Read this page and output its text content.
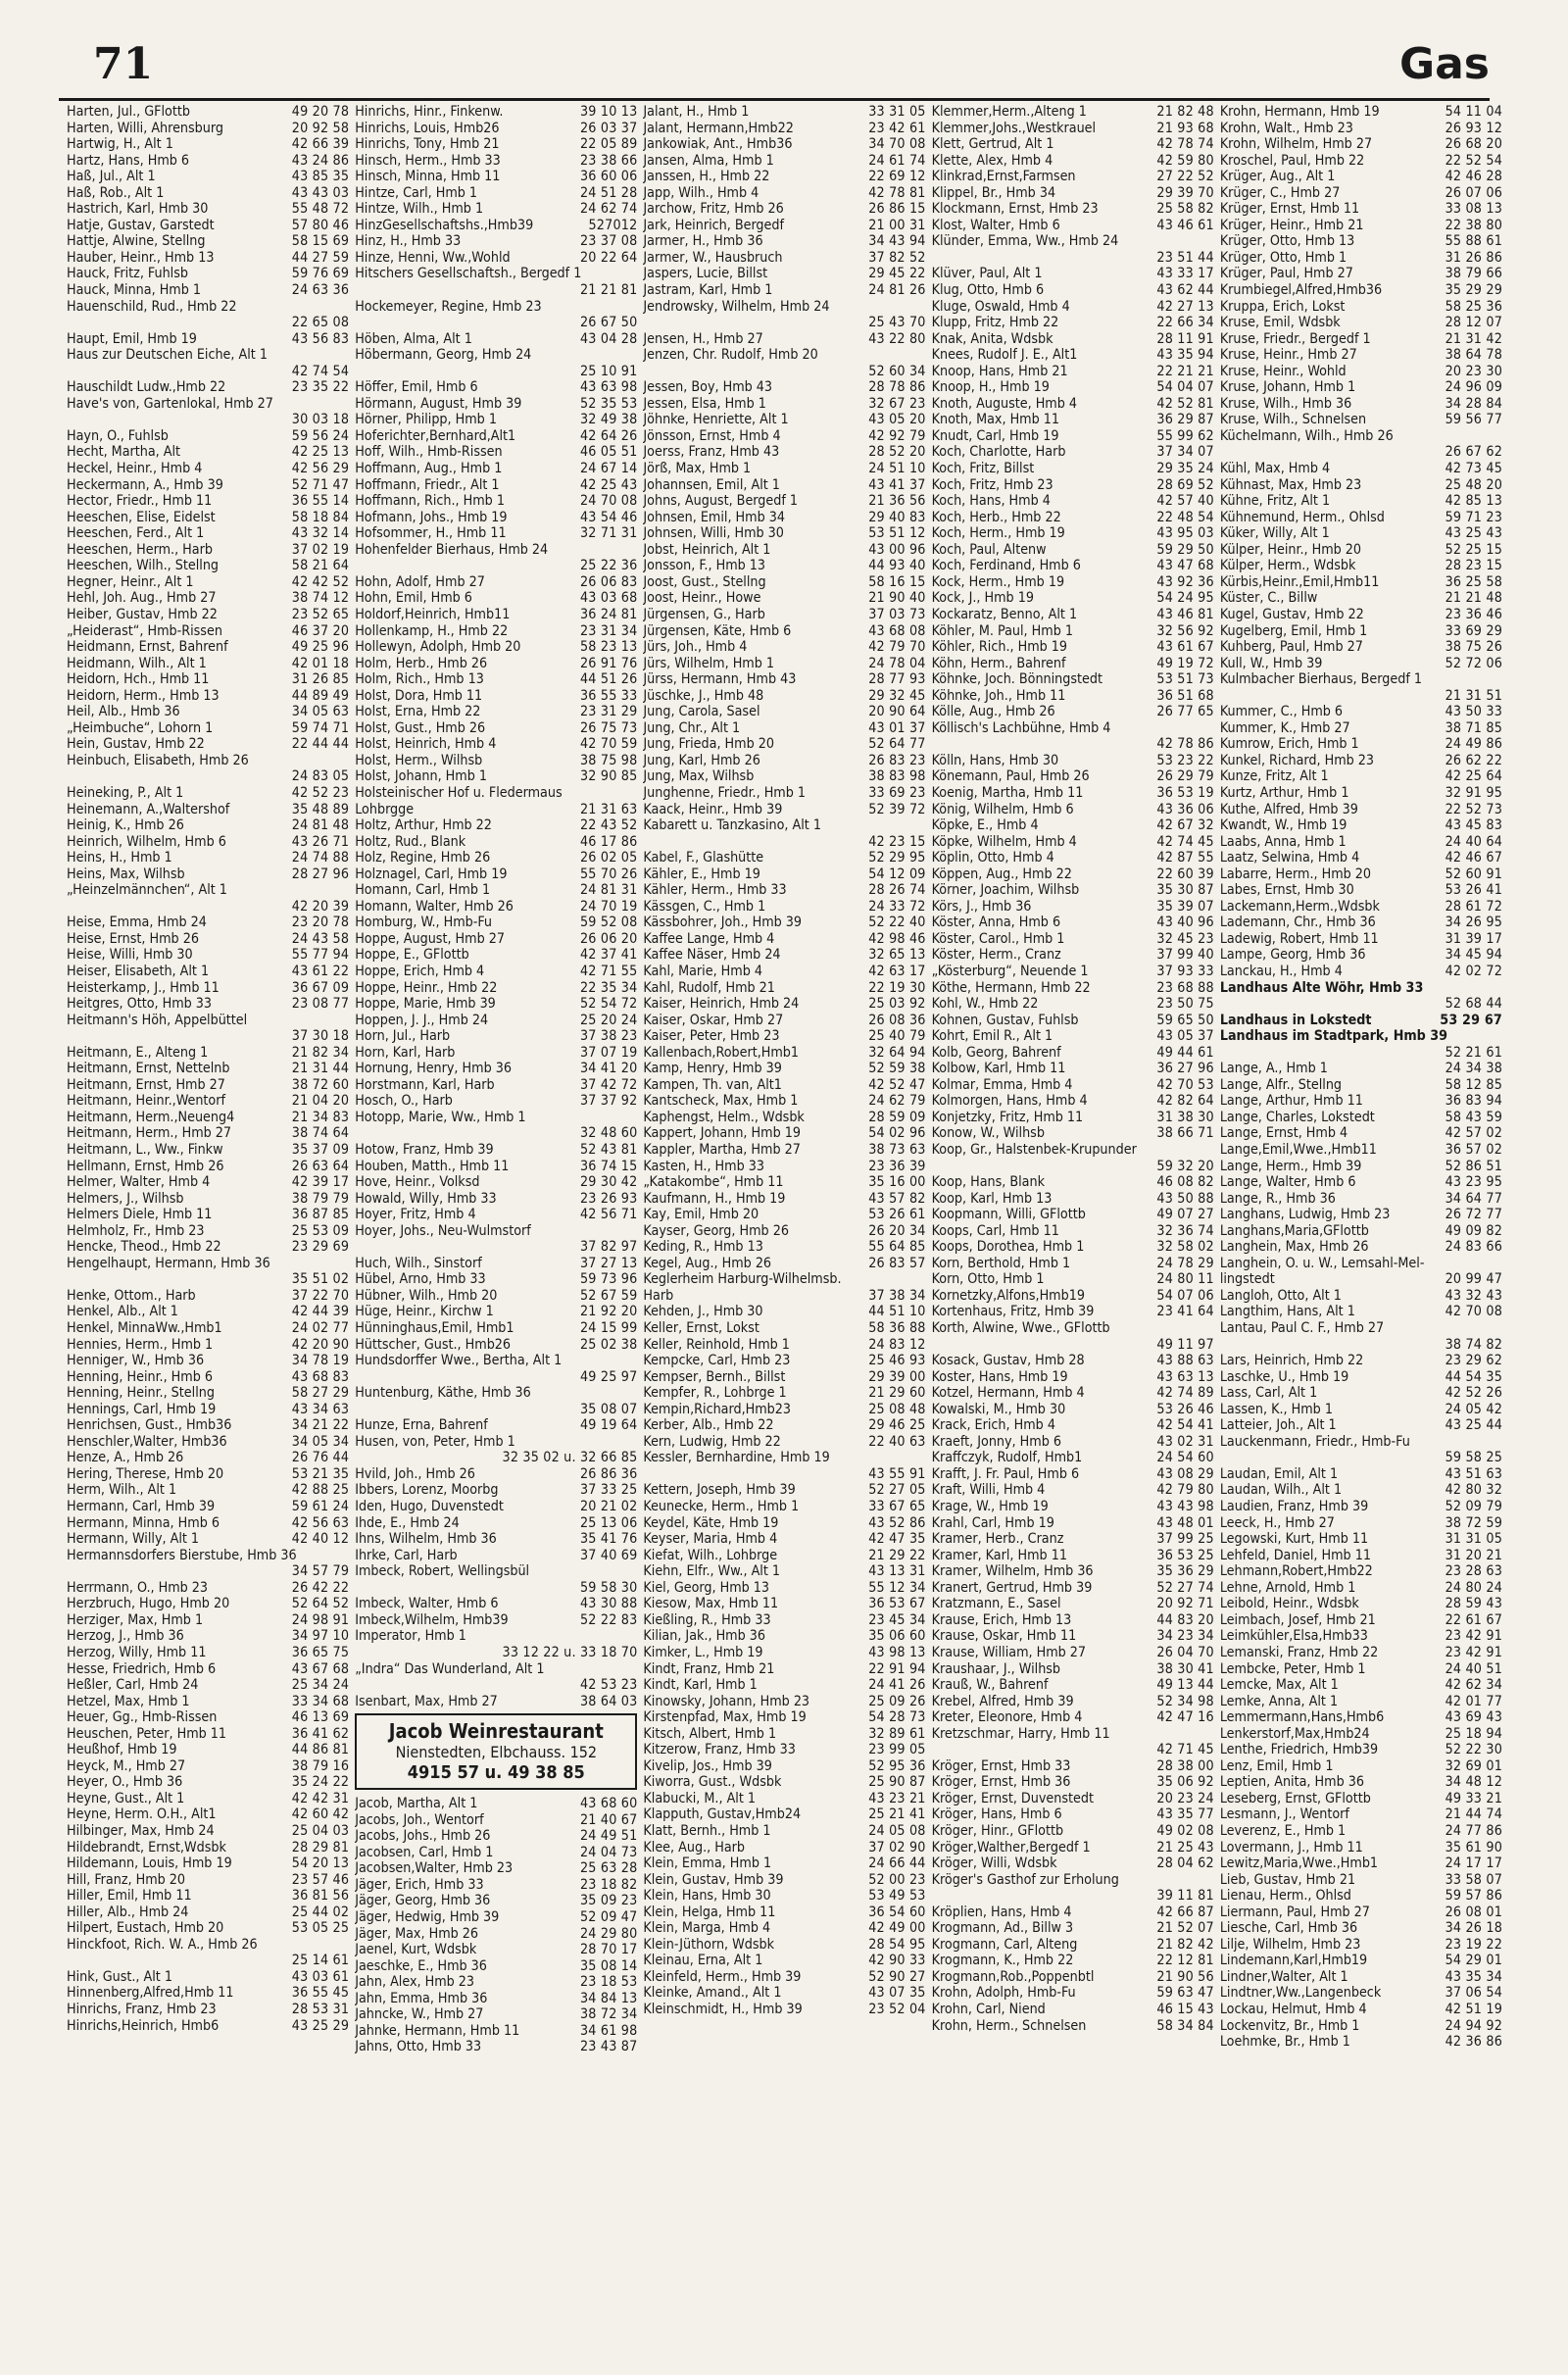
71	Gas
Harten, Jul., GFlottb	49 20 78
Harten, Willi, Ahrensburg	20 92 58
Hartwig, H., Alt 1	42 66 39
Hartz, Hans, Hmb 6	43 24 86
Haß, Jul., Alt 1	43 85 35
Haß, Rob., Alt 1	43 43 03
Hastrich, Karl, Hmb 30	55 48 72
Hatje, Gustav, Garstedt	57 80 46
Hattje, Alwine, Stellng	58 15 69
Hauber, Heinr., Hmb 13	44 27 59
Hauck, Fritz, Fuhlsb	59 76 69
Hauck, Minna, Hmb 1	24 63 36
Hauenschild, Rud., Hmb 22
22 65 08
Haupt, Emil, Hmb 19	43 56 83
Haus zur Deutschen Eiche, Alt 1
42 74 54
Hauschildt Ludw.,Hmb 22	23 35 22
Have's von, Gartenlokal, Hmb 27
30 03 18
Hayn, O., Fuhlsb	59 56 24
Hecht, Martha, Alt	42 25 13
Heckel, Heinr., Hmb 4	42 56 29
Heckermann, A., Hmb 39	52 71 47
Hector, Friedr., Hmb 11	36 55 14
Heeschen, Elise, Eidelst	58 18 84
Heeschen, Ferd., Alt 1	43 32 14
Heeschen, Herm., Harb	37 02 19
Heeschen, Wilh., Stellng	58 21 64
Hegner, Heinr., Alt 1	42 42 52
Hehl, Joh. Aug., Hmb 27	38 74 12
Heiber, Gustav, Hmb 22	23 52 65
„Heiderast“, Hmb-Rissen	46 37 20
Heidmann, Ernst, Bahrenf	49 25 96
Heidmann, Wilh., Alt 1	42 01 18
Heidorn, Hch., Hmb 11	31 26 85
Heidorn, Herm., Hmb 13	44 89 49
Heil, Alb., Hmb 36	34 05 63
„Heimbuche“, Lohorn 1	59 74 71
Hein, Gustav, Hmb 22	22 44 44
Heinbuch, Elisabeth, Hmb 26
24 83 05
Heineking, P., Alt 1	42 52 23
Heinemann, A.,Waltershof	35 48 89
Heinig, K., Hmb 26	24 81 48
Heinrich, Wilhelm, Hmb 6	43 26 71
Heins, H., Hmb 1	24 74 88
Heins, Max, Wilhsb	28 27 96
„Heinzelmännchen“, Alt 1
42 20 39
Heise, Emma, Hmb 24	23 20 78
Heise, Ernst, Hmb 26	24 43 58
Heise, Willi, Hmb 30	55 77 94
Heiser, Elisabeth, Alt 1	43 61 22
Heisterkamp, J., Hmb 11	36 67 09
Heitgres, Otto, Hmb 33	23 08 77
Heitmann's Höh, Appelbüttel
37 30 18
Heitmann, E., Alteng 1	21 82 34
Heitmann, Ernst, Nettelnb	21 31 44
Heitmann, Ernst, Hmb 27	38 72 60
Heitmann, Heinr.,Wentorf	21 04 20
Heitmann, Herm.,Neueng4	21 34 83
Heitmann, Herm., Hmb 27	38 74 64
Heitmann, L., Ww., Finkw	35 37 09
Hellmann, Ernst, Hmb 26	26 63 64
Helmer, Walter, Hmb 4	42 39 17
Helmers, J., Wilhsb	38 79 79
Helmers Diele, Hmb 11	36 87 85
Helmholz, Fr., Hmb 23	25 53 09
Hencke, Theod., Hmb 22	23 29 69
Hengelhaupt, Hermann, Hmb 36
35 51 02
Henke, Ottom., Harb	37 22 70
Henkel, Alb., Alt 1	42 44 39
Henkel, MinnaWw.,Hmb1	24 02 77
Hennies, Herm., Hmb 1	42 20 90
Henniger, W., Hmb 36	34 78 19
Henning, Heinr., Hmb 6	43 68 83
Henning, Heinr., Stellng	58 27 29
Hennings, Carl, Hmb 19	43 34 63
Henrichsen, Gust., Hmb36	34 21 22
Henschler,Walter, Hmb36	34 05 34
Henze, A., Hmb 26	26 76 44
Hering, Therese, Hmb 20	53 21 35
Herm, Wilh., Alt 1	42 88 25
Hermann, Carl, Hmb 39	59 61 24
Hermann, Minna, Hmb 6	42 56 63
Hermann, Willy, Alt 1	42 40 12
Hermannsdorfers Bierstube, Hmb 36
34 57 79
Herrmann, O., Hmb 23	26 42 22
Herzbruch, Hugo, Hmb 20	52 64 52
Herziger, Max, Hmb 1	24 98 91
Herzog, J., Hmb 36	34 97 10
Herzog, Willy, Hmb 11	36 65 75
Hesse, Friedrich, Hmb 6	43 67 68
Heßler, Carl, Hmb 24	25 34 24
Hetzel, Max, Hmb 1	33 34 68
Heuer, Gg., Hmb-Rissen	46 13 69
Heuschen, Peter, Hmb 11	36 41 62
Heußhof, Hmb 19	44 86 81
Heyck, M., Hmb 27	38 79 16
Heyer, O., Hmb 36	35 24 22
Heyne, Gust., Alt 1	42 42 31
Heyne, Herm. O.H., Alt1	42 60 42
Hilbinger, Max, Hmb 24	25 04 03
Hildebrandt, Ernst,Wdsbk	28 29 81
Hildemann, Louis, Hmb 19	54 20 13
Hill, Franz, Hmb 20	23 57 46
Hiller, Emil, Hmb 11	36 81 56
Hiller, Alb., Hmb 24	25 44 02
Hilpert, Eustach, Hmb 20	53 05 25
Hinckfoot, Rich. W. A., Hmb 26
25 14 61
Hink, Gust., Alt 1	43 03 61
Hinnenberg,Alfred,Hmb 11	36 55 45
Hinrichs, Franz, Hmb 23	28 53 31
Hinrichs,Heinrich, Hmb6	43 25 29
Hinrichs, Hinr., Finkenw.	39 10 13
Hinrichs, Louis, Hmb26	26 03 37
Hinrichs, Tony, Hmb 21	22 05 89
Hinsch, Herm., Hmb 33	23 38 66
Hinsch, Minna, Hmb 11	36 60 06
Hintze, Carl, Hmb 1	24 51 28
Hintze, Wilh., Hmb 1	24 62 74
HinzGesellschaftshs.,Hmb39	527012
Hinz, H., Hmb 33	23 37 08
Hinze, Henni, Ww.,Wohld	20 22 64
Hitschers Gesellschaftsh., Bergedf 1
21 21 81
Hockemeyer, Regine, Hmb 23
26 67 50
Höben, Alma, Alt 1	43 04 28
Höbermann, Georg, Hmb 24
25 10 91
Höffer, Emil, Hmb 6	43 63 98
Hörmann, August, Hmb 39	52 35 53
Hörner, Philipp, Hmb 1	32 49 38
Hoferichter,Bernhard,Alt1	42 64 26
Hoff, Wilh., Hmb-Rissen	46 05 51
Hoffmann, Aug., Hmb 1	24 67 14
Hoffmann, Friedr., Alt 1	42 25 43
Hoffmann, Rich., Hmb 1	24 70 08
Hofmann, Johs., Hmb 19	43 54 46
Hofsommer, H., Hmb 11	32 71 31
Hohenfelder Bierhaus, Hmb 24
25 22 36
Hohn, Adolf, Hmb 27	26 06 83
Hohn, Emil, Hmb 6	43 03 68
Holdorf,Heinrich, Hmb11	36 24 81
Hollenkamp, H., Hmb 22	23 31 34
Hollewyn, Adolph, Hmb 20	58 23 13
Holm, Herb., Hmb 26	26 91 76
Holm, Rich., Hmb 13	44 51 26
Holst, Dora, Hmb 11	36 55 33
Holst, Erna, Hmb 22	23 31 29
Holst, Gust., Hmb 26	26 75 73
Holst, Heinrich, Hmb 4	42 70 59
Holst, Herm., Wilhsb	38 75 98
Holst, Johann, Hmb 1	32 90 85
Holsteinischer Hof u. Fledermaus
Lohbrgge	21 31 63
Holtz, Arthur, Hmb 22	22 43 52
Holtz, Rud., Blank	46 17 86
Holz, Regine, Hmb 26	26 02 05
Holznagel, Carl, Hmb 19	55 70 26
Homann, Carl, Hmb 1	24 81 31
Homann, Walter, Hmb 26	24 70 19
Homburg, W., Hmb-Fu	59 52 08
Hoppe, August, Hmb 27	26 06 20
Hoppe, E., GFlottb	42 37 41
Hoppe, Erich, Hmb 4	42 71 55
Hoppe, Heinr., Hmb 22	22 35 34
Hoppe, Marie, Hmb 39	52 54 72
Hoppen, J. J., Hmb 24	25 20 24
Horn, Jul., Harb	37 38 23
Horn, Karl, Harb	37 07 19
Hornung, Henry, Hmb 36	34 41 20
Horstmann, Karl, Harb	37 42 72
Hosch, O., Harb	37 37 92
Hotopp, Marie, Ww., Hmb 1
32 48 60
Hotow, Franz, Hmb 39	52 43 81
Houben, Matth., Hmb 11	36 74 15
Hove, Heinr., Volksd	29 30 42
Howald, Willy, Hmb 33	23 26 93
Hoyer, Fritz, Hmb 4	42 56 71
Hoyer, Johs., Neu-Wulmstorf
37 82 97
Huch, Wilh., Sinstorf	37 27 13
Hübel, Arno, Hmb 33	59 73 96
Hübner, Wilh., Hmb 20	52 67 59
Hüge, Heinr., Kirchw 1	21 92 20
Hünninghaus,Emil, Hmb1	24 15 99
Hüttscher, Gust., Hmb26	25 02 38
Hundsdorffer Wwe., Bertha, Alt 1
49 25 97
Huntenburg, Käthe, Hmb 36
35 08 07
Hunze, Erna, Bahrenf	49 19 64
Husen, von, Peter, Hmb 1
32 35 02 u. 32 66 85
Hvild, Joh., Hmb 26	26 86 36
Ibbers, Lorenz, Moorbg	37 33 25
Iden, Hugo, Duvenstedt	20 21 02
Ihde, E., Hmb 24	25 13 06
Ihns, Wilhelm, Hmb 36	35 41 76
Ihrke, Carl, Harb	37 40 69
Imbeck, Robert, Wellingsbül
59 58 30
Imbeck, Walter, Hmb 6	43 30 88
Imbeck,Wilhelm, Hmb39	52 22 83
Imperator, Hmb 1
33 12 22 u. 33 18 70
„Indra“ Das Wunderland, Alt 1
42 53 23
Isenbart, Max, Hmb 27	38 64 03
Jacob Weinrestaurant
Nienstedten, Elbchauss. 152
4915 57 u. 49 38 85
Jacob, Martha, Alt 1	43 68 60
Jacobs, Joh., Wentorf	21 40 67
Jacobs, Johs., Hmb 26	24 49 51
Jacobsen, Carl, Hmb 1	24 04 73
Jacobsen,Walter, Hmb 23	25 63 28
Jäger, Erich, Hmb 33	23 18 82
Jäger, Georg, Hmb 36	35 09 23
Jäger, Hedwig, Hmb 39	52 09 47
Jäger, Max, Hmb 26	24 29 80
Jaenel, Kurt, Wdsbk	28 70 17
Jaeschke, E., Hmb 36	35 08 14
Jahn, Alex, Hmb 23	23 18 53
Jahn, Emma, Hmb 36	34 84 13
Jahncke, W., Hmb 27	38 72 34
Jahnke, Hermann, Hmb 11	34 61 98
Jahns, Otto, Hmb 33	23 43 87
Jalant, H., Hmb 1	33 31 05
Jalant, Hermann,Hmb22	23 42 61
Jankowiak, Ant., Hmb36	34 70 08
Jansen, Alma, Hmb 1	24 61 74
Janssen, H., Hmb 22	22 69 12
Japp, Wilh., Hmb 4	42 78 81
Jarchow, Fritz, Hmb 26	26 86 15
Jark, Heinrich, Bergedf	21 00 31
Jarmer, H., Hmb 36	34 43 94
Jarmer, W., Hausbruch	37 82 52
Jaspers, Lucie, Billst	29 45 22
Jastram, Karl, Hmb 1	24 81 26
Jendrowsky, Wilhelm, Hmb 24
25 43 70
Jensen, H., Hmb 27	43 22 80
Jenzen, Chr. Rudolf, Hmb 20
52 60 34
Jessen, Boy, Hmb 43	28 78 86
Jessen, Elsa, Hmb 1	32 67 23
Jöhnke, Henriette, Alt 1	43 05 20
Jönsson, Ernst, Hmb 4	42 92 79
Joerss, Franz, Hmb 43	28 52 20
Jörß, Max, Hmb 1	24 51 10
Johannsen, Emil, Alt 1	43 41 37
Johns, August, Bergedf 1	21 36 56
Johnsen, Emil, Hmb 34	29 40 83
Johnsen, Willi, Hmb 30	53 51 12
Jobst, Heinrich, Alt 1	43 00 96
Jonsson, F., Hmb 13	44 93 40
Joost, Gust., Stellng	58 16 15
Joost, Heinr., Howe	21 90 40
Jürgensen, G., Harb	37 03 73
Jürgensen, Käte, Hmb 6	43 68 08
Jürs, Joh., Hmb 4	42 79 70
Jürs, Wilhelm, Hmb 1	24 78 04
Jürss, Hermann, Hmb 43	28 77 93
Jüschke, J., Hmb 48	29 32 45
Jung, Carola, Sasel	20 90 64
Jung, Chr., Alt 1	43 01 37
Jung, Frieda, Hmb 20	52 64 77
Jung, Karl, Hmb 26	26 83 23
Jung, Max, Wilhsb	38 83 98
Junghenne, Friedr., Hmb 1	33 69 23
Kaack, Heinr., Hmb 39	52 39 72
Kabarett u. Tanzkasino, Alt 1
42 23 15
Kabel, F., Glashütte	52 29 95
Kähler, E., Hmb 19	54 12 09
Kähler, Herm., Hmb 33	28 26 74
Kässgen, C., Hmb 1	24 33 72
Kässbohrer, Joh., Hmb 39	52 22 40
Kaffee Lange, Hmb 4	42 98 46
Kaffee Näser, Hmb 24	32 65 13
Kahl, Marie, Hmb 4	42 63 17
Kahl, Rudolf, Hmb 21	22 19 30
Kaiser, Heinrich, Hmb 24	25 03 92
Kaiser, Oskar, Hmb 27	26 08 36
Kaiser, Peter, Hmb 23	25 40 79
Kallenbach,Robert,Hmb1	32 64 94
Kamp, Henry, Hmb 39	52 59 38
Kampen, Th. van, Alt1	42 52 47
Kantscheck, Max, Hmb 1	24 62 79
Kaphengst, Helm., Wdsbk	28 59 09
Kappert, Johann, Hmb 19	54 02 96
Kappler, Martha, Hmb 27	38 73 63
Kasten, H., Hmb 33	23 36 39
„Katakombe“, Hmb 11	35 16 00
Kaufmann, H., Hmb 19	43 57 82
Kay, Emil, Hmb 20	53 26 61
Kayser, Georg, Hmb 26	26 20 34
Keding, R., Hmb 13	55 64 85
Kegel, Aug., Hmb 26	26 83 57
Keglerheim Harburg-Wilhelmsb.
Harb	37 38 34
Kehden, J., Hmb 30	44 51 10
Keller, Ernst, Lokst	58 36 88
Keller, Reinhold, Hmb 1	24 83 12
Kempcke, Carl, Hmb 23	25 46 93
Kempser, Bernh., Billst	29 39 00
Kempfer, R., Lohbrge 1	21 29 60
Kempin,Richard,Hmb23	25 08 48
Kerber, Alb., Hmb 22	29 46 25
Kern, Ludwig, Hmb 22	22 40 63
Kessler, Bernhardine, Hmb 19
43 55 91
Kettern, Joseph, Hmb 39	52 27 05
Keunecke, Herm., Hmb 1	33 67 65
Keydel, Käte, Hmb 19	43 52 86
Keyser, Maria, Hmb 4	42 47 35
Kiefat, Wilh., Lohbrge	21 29 22
Kiehn, Elfr., Ww., Alt 1	43 13 31
Kiel, Georg, Hmb 13	55 12 34
Kiesow, Max, Hmb 11	36 53 67
Kießling, R., Hmb 33	23 45 34
Kilian, Jak., Hmb 36	35 06 60
Kimker, L., Hmb 19	43 98 13
Kindt, Franz, Hmb 21	22 91 94
Kindt, Karl, Hmb 1	24 41 26
Kinowsky, Johann, Hmb 23	25 09 26
Kirstenpfad, Max, Hmb 19	54 28 73
Kitsch, Albert, Hmb 1	32 89 61
Kitzerow, Franz, Hmb 33	23 99 05
Kivelip, Jos., Hmb 39	52 95 36
Kiworra, Gust., Wdsbk	25 90 87
Klabucki, M., Alt 1	43 23 21
Klapputh, Gustav,Hmb24	25 21 41
Klatt, Bernh., Hmb 1	24 05 08
Klee, Aug., Harb	37 02 90
Klein, Emma, Hmb 1	24 66 44
Klein, Gustav, Hmb 39	52 00 23
Klein, Hans, Hmb 30	53 49 53
Klein, Helga, Hmb 11	36 54 60
Klein, Marga, Hmb 4	42 49 00
Klein-Jüthorn, Wdsbk	28 54 95
Kleinau, Erna, Alt 1	42 90 33
Kleinfeld, Herm., Hmb 39	52 90 27
Kleinke, Amand., Alt 1	43 07 35
Kleinschmidt, H., Hmb 39	23 52 04
Klemmer,Herm.,Alteng 1	21 82 48
Klemmer,Johs.,Westkrauel	21 93 68
Klett, Gertrud, Alt 1	42 78 74
Klette, Alex, Hmb 4	42 59 80
Klinkrad,Ernst,Farmsen	27 22 52
Klippel, Br., Hmb 34	29 39 70
Klockmann, Ernst, Hmb 23	25 58 82
Klost, Walter, Hmb 6	43 46 61
Klünder, Emma, Ww., Hmb 24
23 51 44
Klüver, Paul, Alt 1	43 33 17
Klug, Otto, Hmb 6	43 62 44
Kluge, Oswald, Hmb 4	42 27 13
Klupp, Fritz, Hmb 22	22 66 34
Knak, Anita, Wdsbk	28 11 91
Knees, Rudolf J. E., Alt1	43 35 94
Knoop, Hans, Hmb 21	22 21 21
Knoop, H., Hmb 19	54 04 07
Knoth, Auguste, Hmb 4	42 52 81
Knoth, Max, Hmb 11	36 29 87
Knudt, Carl, Hmb 19	55 99 62
Koch, Charlotte, Harb	37 34 07
Koch, Fritz, Billst	29 35 24
Koch, Fritz, Hmb 23	28 69 52
Koch, Hans, Hmb 4	42 57 40
Koch, Herb., Hmb 22	22 48 54
Koch, Herm., Hmb 19	43 95 03
Koch, Paul, Altenw	59 29 50
Koch, Ferdinand, Hmb 6	43 47 68
Kock, Herm., Hmb 19	43 92 36
Kock, J., Hmb 19	54 24 95
Kockaratz, Benno, Alt 1	43 46 81
Köhler, M. Paul, Hmb 1	32 56 92
Köhler, Rich., Hmb 19	43 61 67
Köhn, Herm., Bahrenf	49 19 72
Köhnke, Joch. Bönningstedt	53 51 73
Köhnke, Joh., Hmb 11	36 51 68
Kölle, Aug., Hmb 26	26 77 65
Köllisch's Lachbühne, Hmb 4
42 78 86
Kölln, Hans, Hmb 30	53 23 22
Könemann, Paul, Hmb 26	26 29 79
Koenig, Martha, Hmb 11	36 53 19
König, Wilhelm, Hmb 6	43 36 06
Köpke, E., Hmb 4	42 67 32
Köpke, Wilhelm, Hmb 4	42 74 45
Köplin, Otto, Hmb 4	42 87 55
Köppen, Aug., Hmb 22	22 60 39
Körner, Joachim, Wilhsb	35 30 87
Körs, J., Hmb 36	35 39 07
Köster, Anna, Hmb 6	43 40 96
Köster, Carol., Hmb 1	32 45 23
Köster, Herm., Cranz	37 99 40
„Kösterburg“, Neuende 1	37 93 33
Köthe, Hermann, Hmb 22	23 68 88
Kohl, W., Hmb 22	23 50 75
Kohnen, Gustav, Fuhlsb	59 65 50
Kohrt, Emil R., Alt 1	43 05 37
Kolb, Georg, Bahrenf	49 44 61
Kolbow, Karl, Hmb 11	36 27 96
Kolmar, Emma, Hmb 4	42 70 53
Kolmorgen, Hans, Hmb 4	42 82 64
Konjetzky, Fritz, Hmb 11	31 38 30
Konow, W., Wilhsb	38 66 71
Koop, Gr., Halstenbek-Krupunder
59 32 20
Koop, Hans, Blank	46 08 82
Koop, Karl, Hmb 13	43 50 88
Koopmann, Willi, GFlottb	49 07 27
Koops, Carl, Hmb 11	32 36 74
Koops, Dorothea, Hmb 1	32 58 02
Korn, Berthold, Hmb 1	24 78 29
Korn, Otto, Hmb 1	24 80 11
Kornetzky,Alfons,Hmb19	54 07 06
Kortenhaus, Fritz, Hmb 39	23 41 64
Korth, Alwine, Wwe., GFlottb
49 11 97
Kosack, Gustav, Hmb 28	43 88 63
Koster, Hans, Hmb 19	43 63 13
Kotzel, Hermann, Hmb 4	42 74 89
Kowalski, M., Hmb 30	53 26 46
Krack, Erich, Hmb 4	42 54 41
Kraeft, Jonny, Hmb 6	43 02 31
Kraffczyk, Rudolf, Hmb1	24 54 60
Krafft, J. Fr. Paul, Hmb 6	43 08 29
Kraft, Willi, Hmb 4	42 79 80
Krage, W., Hmb 19	43 43 98
Krahl, Carl, Hmb 19	43 48 01
Kramer, Herb., Cranz	37 99 25
Kramer, Karl, Hmb 11	36 53 25
Kramer, Wilhelm, Hmb 36	35 36 29
Kranert, Gertrud, Hmb 39	52 27 74
Kratzmann, E., Sasel	20 92 71
Krause, Erich, Hmb 13	44 83 20
Krause, Oskar, Hmb 11	34 23 34
Krause, William, Hmb 27	26 04 70
Kraushaar, J., Wilhsb	38 30 41
Krauß, W., Bahrenf	49 13 44
Krebel, Alfred, Hmb 39	52 34 98
Kreter, Eleonore, Hmb 4	42 47 16
Kretzschmar, Harry, Hmb 11
42 71 45
Kröger, Ernst, Hmb 33	28 38 00
Kröger, Ernst, Hmb 36	35 06 92
Kröger, Ernst, Duvenstedt	20 23 24
Kröger, Hans, Hmb 6	43 35 77
Kröger, Hinr., GFlottb	49 02 08
Kröger,Walther,Bergedf 1	21 25 43
Kröger, Willi, Wdsbk	28 04 62
Kröger's Gasthof zur Erholung
39 11 81
Kröplien, Hans, Hmb 4	42 66 87
Krogmann, Ad., Billw 3	21 52 07
Krogmann, Carl, Alteng	21 82 42
Krogmann, K., Hmb 22	22 12 81
Krogmann,Rob.,Poppenbtl	21 90 56
Krohn, Adolph, Hmb-Fu	59 63 47
Krohn, Carl, Niend	46 15 43
Krohn, Herm., Schnelsen	58 34 84
Krohn, Hermann, Hmb 19	54 11 04
Krohn, Walt., Hmb 23	26 93 12
Krohn, Wilhelm, Hmb 27	26 68 20
Kroschel, Paul, Hmb 22	22 52 54
Krüger, Aug., Alt 1	42 46 28
Krüger, C., Hmb 27	26 07 06
Krüger, Ernst, Hmb 11	33 08 13
Krüger, Heinr., Hmb 21	22 38 80
Krüger, Otto, Hmb 13	55 88 61
Krüger, Otto, Hmb 1	31 26 86
Krüger, Paul, Hmb 27	38 79 66
Krumbiegel,Alfred,Hmb36	35 29 29
Kruppa, Erich, Lokst	58 25 36
Kruse, Emil, Wdsbk	28 12 07
Kruse, Friedr., Bergedf 1	21 31 42
Kruse, Heinr., Hmb 27	38 64 78
Kruse, Heinr., Wohld	20 23 30
Kruse, Johann, Hmb 1	24 96 09
Kruse, Wilh., Hmb 36	34 28 84
Kruse, Wilh., Schnelsen	59 56 77
Küchelmann, Wilh., Hmb 26
26 67 62
Kühl, Max, Hmb 4	42 73 45
Kühnast, Max, Hmb 23	25 48 20
Kühne, Fritz, Alt 1	42 85 13
Kühnemund, Herm., Ohlsd	59 71 23
Küker, Willy, Alt 1	43 25 43
Külper, Heinr., Hmb 20	52 25 15
Külper, Herm., Wdsbk	28 23 15
Kürbis,Heinr.,Emil,Hmb11	36 25 58
Küster, C., Billw	21 21 48
Kugel, Gustav, Hmb 22	23 36 46
Kugelberg, Emil, Hmb 1	33 69 29
Kuhberg, Paul, Hmb 27	38 75 26
Kull, W., Hmb 39	52 72 06
Kulmbacher Bierhaus, Bergedf 1
21 31 51
Kummer, C., Hmb 6	43 50 33
Kummer, K., Hmb 27	38 71 85
Kumrow, Erich, Hmb 1	24 49 86
Kunkel, Richard, Hmb 23	26 62 22
Kunze, Fritz, Alt 1	42 25 64
Kurtz, Arthur, Hmb 1	32 91 95
Kuthe, Alfred, Hmb 39	22 52 73
Kwandt, W., Hmb 19	43 45 83
Laabs, Anna, Hmb 1	24 40 64
Laatz, Selwina, Hmb 4	42 46 67
Labarre, Herm., Hmb 20	52 60 91
Labes, Ernst, Hmb 30	53 26 41
Lackemann,Herm.,Wdsbk	28 61 72
Lademann, Chr., Hmb 36	34 26 95
Ladewig, Robert, Hmb 11	31 39 17
Lampe, Georg, Hmb 36	34 45 94
Lanckau, H., Hmb 4	42 02 72
Landhaus Alte Wöhr, Hmb 33
52 68 44
Landhaus in Lokstedt	53 29 67
Landhaus im Stadtpark, Hmb 39
52 21 61
Lange, A., Hmb 1	24 34 38
Lange, Alfr., Stellng	58 12 85
Lange, Arthur, Hmb 11	36 83 94
Lange, Charles, Lokstedt	58 43 59
Lange, Ernst, Hmb 4	42 57 02
Lange,Emil,Wwe.,Hmb11	36 57 02
Lange, Herm., Hmb 39	52 86 51
Lange, Walter, Hmb 6	43 23 95
Lange, R., Hmb 36	34 64 77
Langhans, Ludwig, Hmb 23	26 72 77
Langhans,Maria,GFlottb	49 09 82
Langhein, Max, Hmb 26	24 83 66
Langhein, O. u. W., Lemsahl-Mel-
lingstedt	20 99 47
Langloh, Otto, Alt 1	43 32 43
Langthim, Hans, Alt 1	42 70 08
Lantau, Paul C. F., Hmb 27
38 74 82
Lars, Heinrich, Hmb 22	23 29 62
Laschke, U., Hmb 19	44 54 35
Lass, Carl, Alt 1	42 52 26
Lassen, K., Hmb 1	24 05 42
Latteier, Joh., Alt 1	43 25 44
Lauckenmann, Friedr., Hmb-Fu
59 58 25
Laudan, Emil, Alt 1	43 51 63
Laudan, Wilh., Alt 1	42 80 32
Laudien, Franz, Hmb 39	52 09 79
Leeck, H., Hmb 27	38 72 59
Legowski, Kurt, Hmb 11	31 31 05
Lehfeld, Daniel, Hmb 11	31 20 21
Lehmann,Robert,Hmb22	23 28 63
Lehne, Arnold, Hmb 1	24 80 24
Leibold, Heinr., Wdsbk	28 59 43
Leimbach, Josef, Hmb 21	22 61 67
Leimkühler,Elsa,Hmb33	23 42 91
Lemanski, Franz, Hmb 22	23 42 91
Lembcke, Peter, Hmb 1	24 40 51
Lemcke, Max, Alt 1	42 62 34
Lemke, Anna, Alt 1	42 01 77
Lemmermann,Hans,Hmb6	43 69 43
Lenkerstorf,Max,Hmb24	25 18 94
Lenthe, Friedrich, Hmb39	52 22 30
Lenz, Emil, Hmb 1	32 69 01
Leptien, Anita, Hmb 36	34 48 12
Leseberg, Ernst, GFlottb	49 33 21
Lesmann, J., Wentorf	21 44 74
Leverenz, E., Hmb 1	24 77 86
Lovermann, J., Hmb 11	35 61 90
Lewitz,Maria,Wwe.,Hmb1	24 17 17
Lieb, Gustav, Hmb 21	33 58 07
Lienau, Herm., Ohlsd	59 57 86
Liermann, Paul, Hmb 27	26 08 01
Liesche, Carl, Hmb 36	34 26 18
Lilje, Wilhelm, Hmb 23	23 19 22
Lindemann,Karl,Hmb19	54 29 01
Lindner,Walter, Alt 1	43 35 34
Lindtner,Ww.,Langenbeck	37 06 54
Lockau, Helmut, Hmb 4	42 51 19
Lockenvitz, Br., Hmb 1	24 94 92
Loehmke, Br., Hmb 1	42 36 86
